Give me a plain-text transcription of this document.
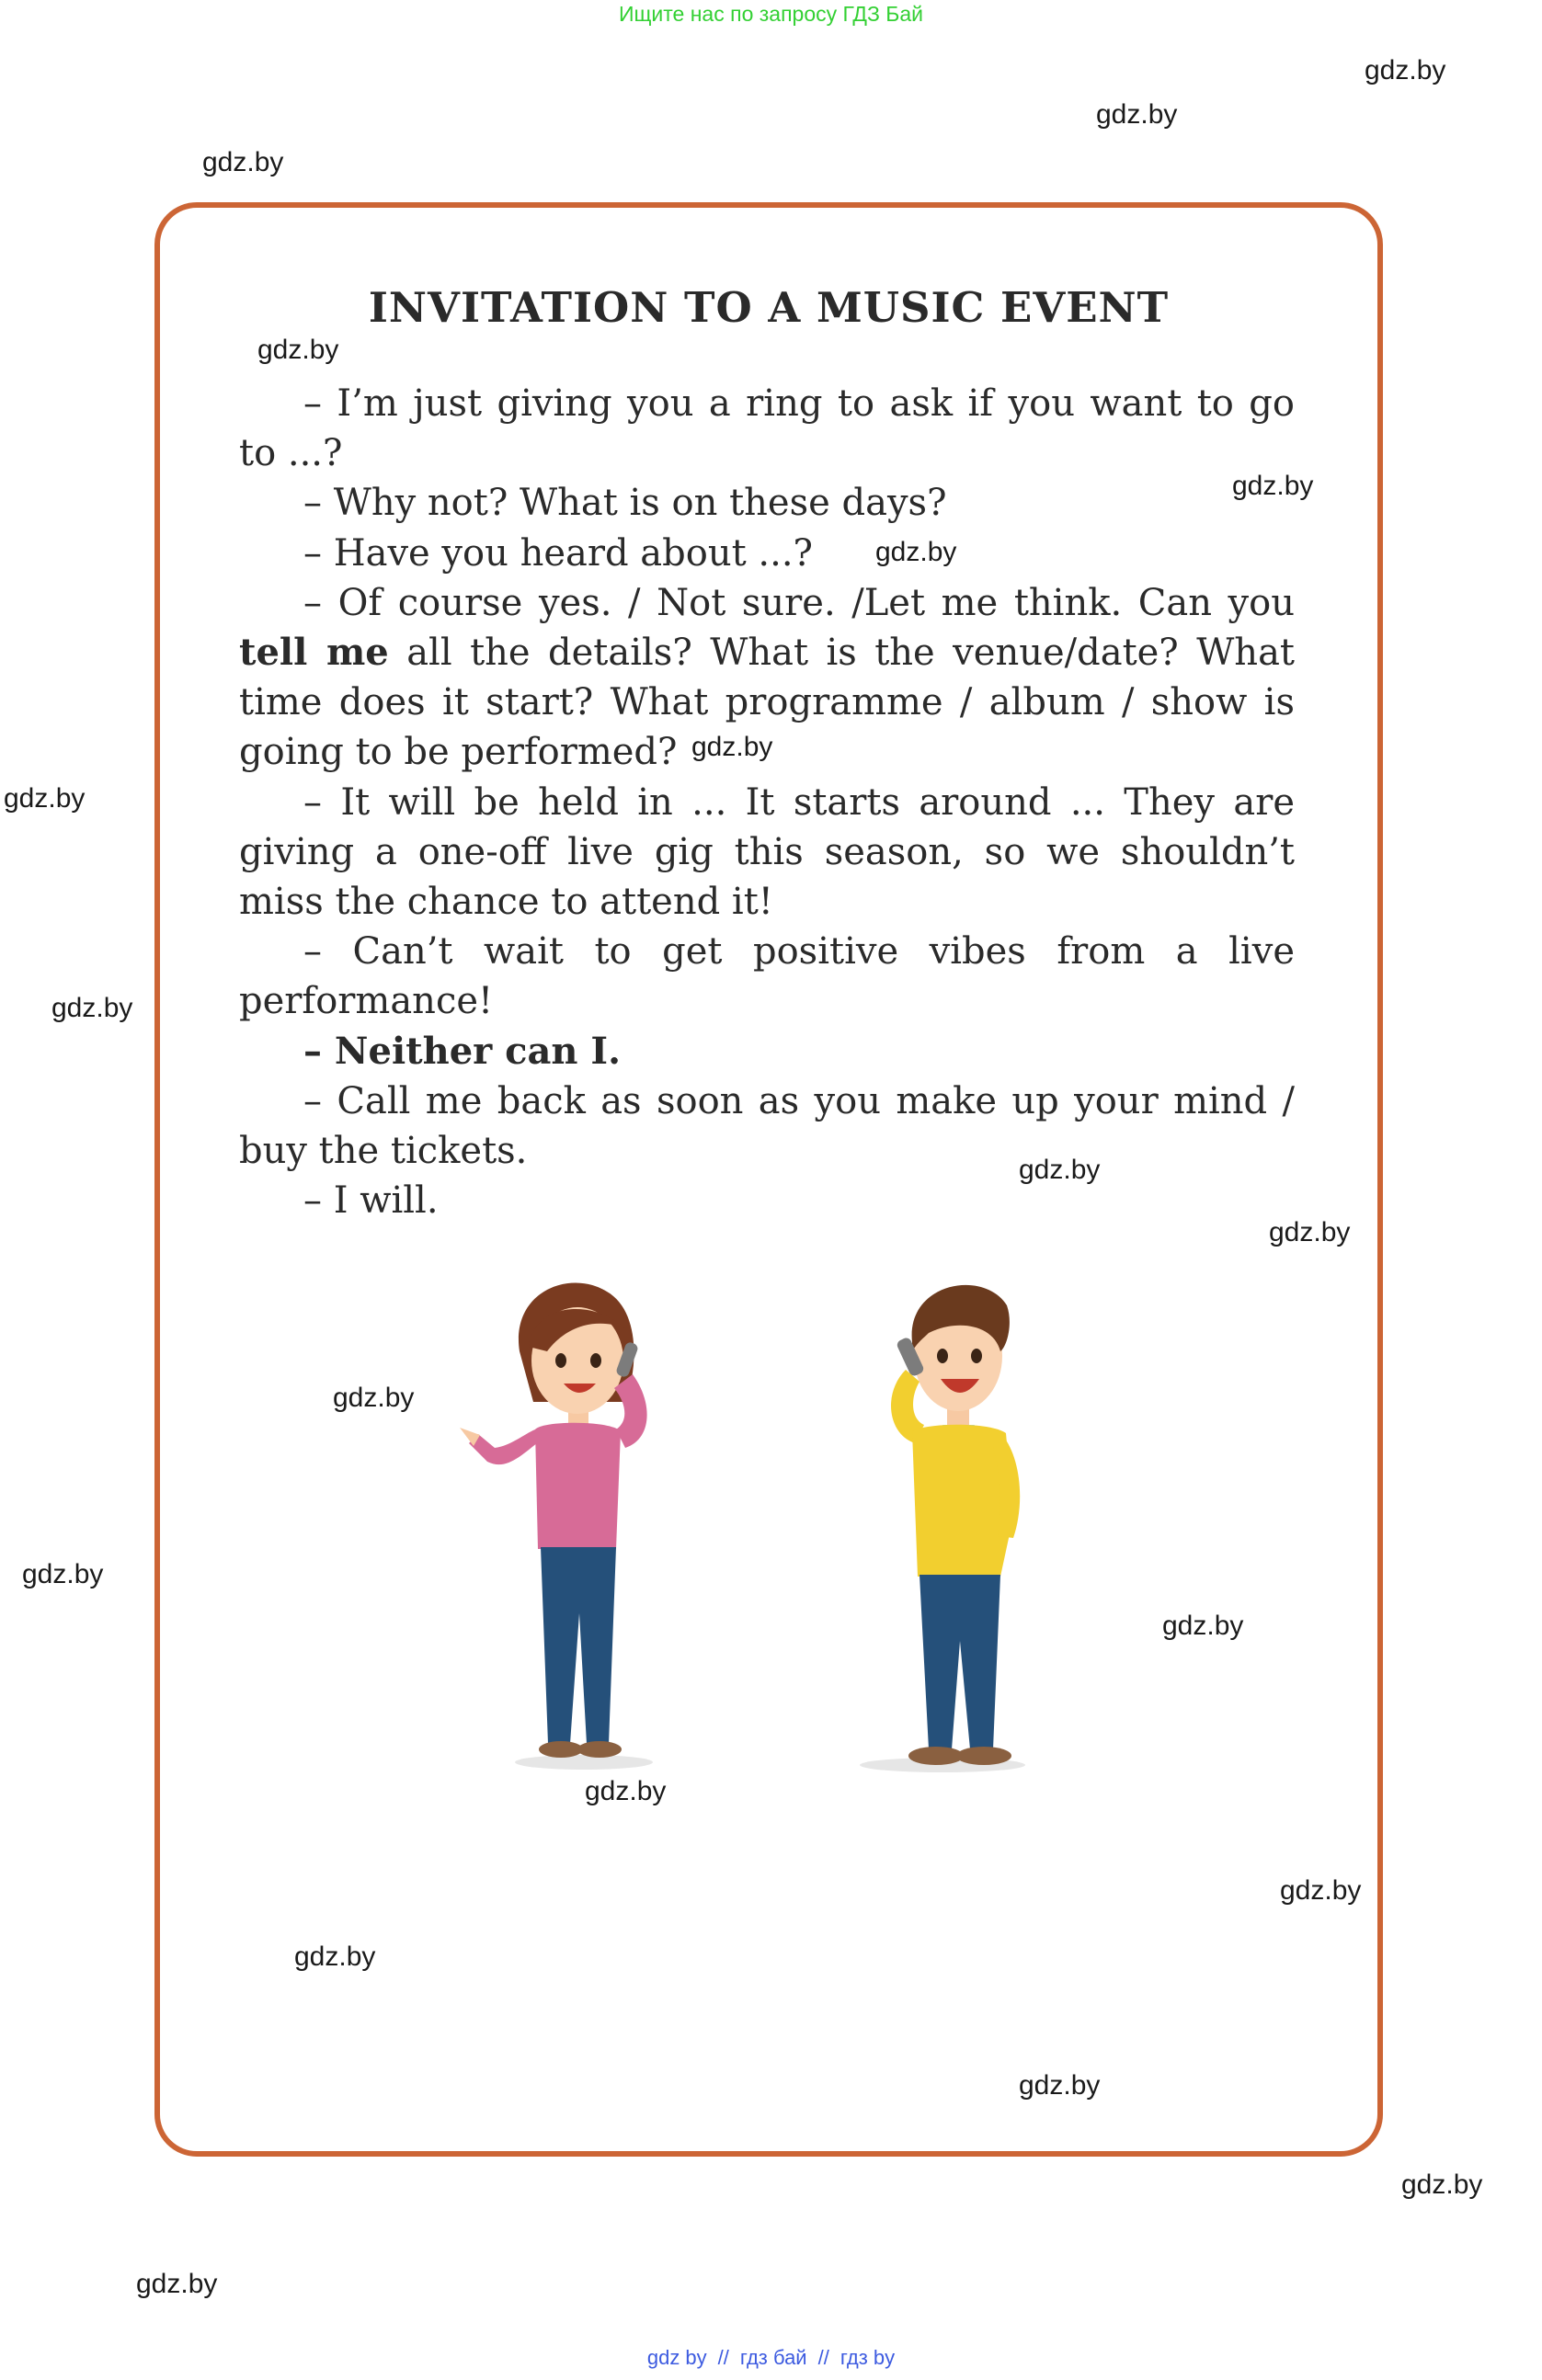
Ищите нас по запросу ГДЗ Бай
gdz.by
gdz.by
gdz.by
gdz.by
gdz.by
gdz.by
gdz.by
gdz.by
gdz.by
gdz.by
gdz.by
gdz.by
gdz.by
gdz.by
gdz.by
gdz.by
gdz.by
gdz.by
gdz.by
gdz.by
INVITATION TO A MUSIC EVENT

– I’m just giving you a ring to ask if you want to go to ...?

– Why not? What is on these days?

– Have you heard about ...?

– Of course yes. / Not sure. /Let me think. Can you tell me all the details? What is the venue/date? What time does it start? What programme / album / show is going to be performed?

– It will be held in ... It starts around ... They are giving a one-off live gig this season, so we shouldn’t miss the chance to attend it!

– Can’t wait to get positive vibes from a live performance!

– Neither can I.

– Call me back as soon as you make up your mind / buy the tickets.

– I will.

gdz by // гдз бай // гдз by
